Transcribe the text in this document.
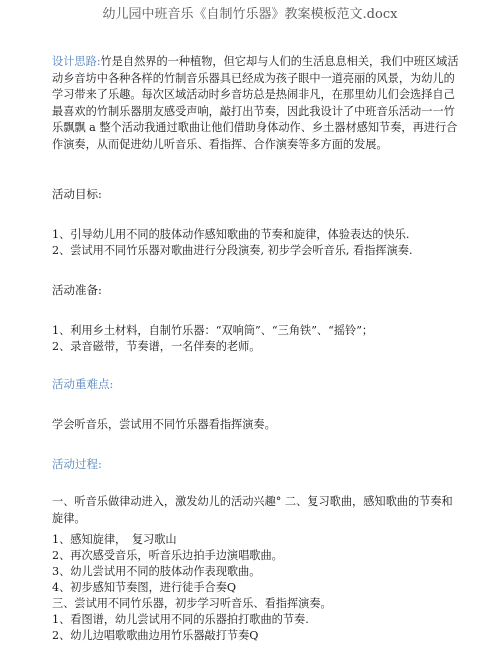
幼儿园中班音乐《自制竹乐器》教案模板范文.docx
设计思路:竹是自然界的一种植物，但它却与人们的生活息息相关，我们中班区域活动乡音坊中各种各样的竹制音乐器具已经成为孩子眼中一道亮丽的风景，为幼儿的学习带来了乐趣。每次区域活动时乡音坊总是热闹非凡，在那里幼儿们会选择自己最喜欢的竹制乐器朋友感受声响，敲打出节奏，因此我设计了中班音乐活动一一竹乐飘飘 a 整个活动我通过歌曲让他们借助身体动作、乡土器材感知节奏，再进行合作演奏，从而促进幼儿听音乐、看指挥、合作演奏等多方面的发展。
活动目标:
1、引导幼儿用不同的肢体动作感知歌曲的节奏和旋律，体验表达的快乐.
2、尝试用不同竹乐器对歌曲进行分段演奏, 初步学会听音乐, 看指挥演奏.
活动准备:
1、利用乡土材料，自制竹乐器：“双响筒”、“三角铁”、“摇铃”；
2、录音磁带，节奏谱，一名伴奏的老师。
活动重难点:
学会听音乐，尝试用不同竹乐器看指挥演奏。
活动过程:
一、听音乐做律动进入，激发幼儿的活动兴趣° 二、复习歌曲，感知歌曲的节奏和旋律。
1、感知旋律，　复习歌山
2、再次感受音乐，听音乐边拍手边演唱歌曲。
3、幼儿尝试用不同的肢体动作表现歌曲。
4、初步感知节奏图，进行徒手合奏Q
三、尝试用不同竹乐器，初步学习听音乐、看指挥演奏。
1、看图谱，幼儿尝试用不同的乐器拍打歌曲的节奏.
2、幼儿边唱歌歌曲边用竹乐器敲打节奏Q
